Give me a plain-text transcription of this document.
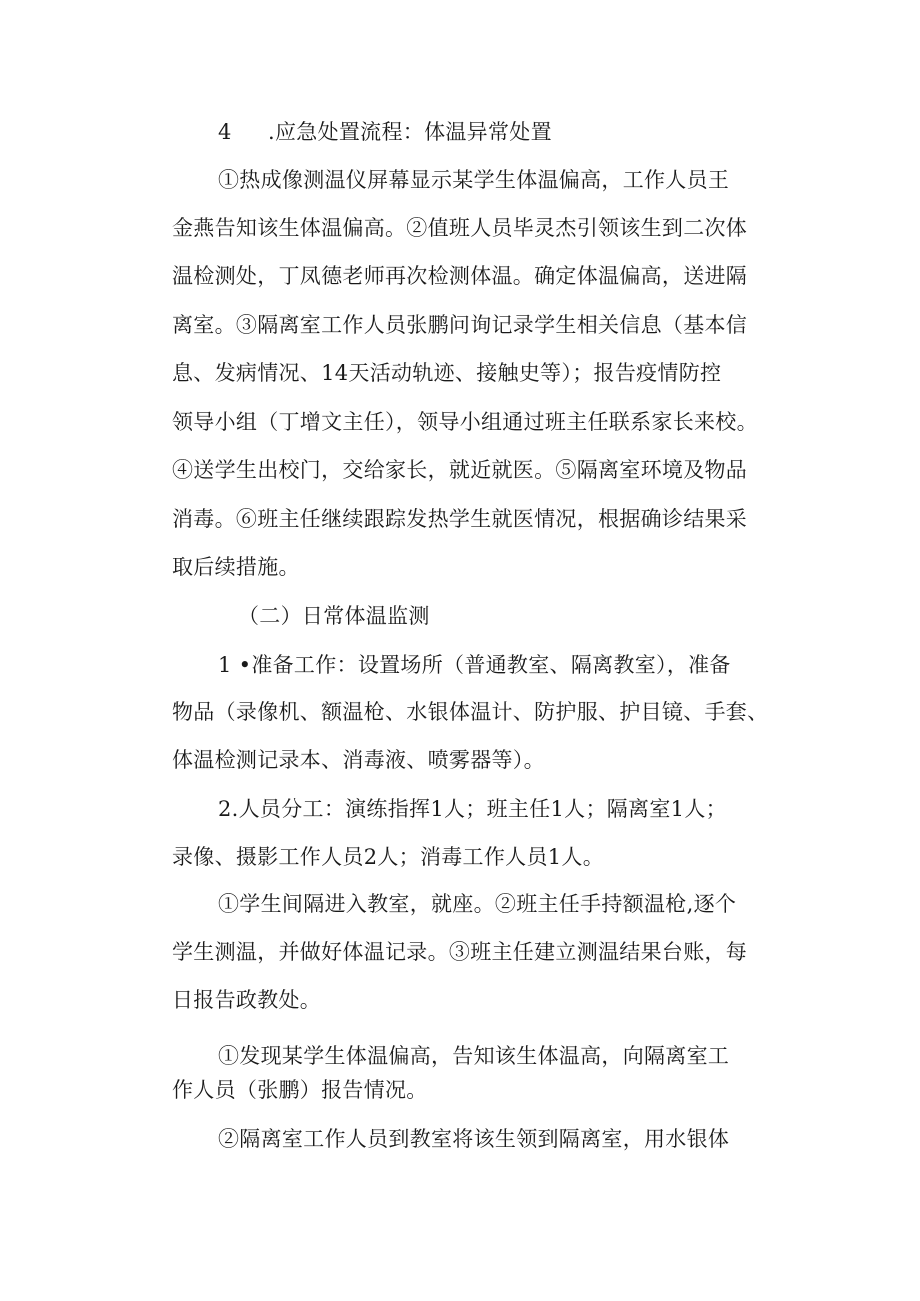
4 .应急处置流程：体温异常处置
①热成像测温仪屏幕显示某学生体温偏高，工作人员王
金燕告知该生体温偏高。②值班人员毕灵杰引领该生到二次体
温检测处，丁凤德老师再次检测体温。确定体温偏高，送进隔
离室。③隔离室工作人员张鹏问询记录学生相关信息（基本信
息、发病情况、14天活动轨迹、接触史等）；报告疫情防控
领导小组（丁增文主任），领导小组通过班主任联系家长来校。
④送学生出校门，交给家长，就近就医。⑤隔离室环境及物品
消毒。⑥班主任继续跟踪发热学生就医情况，根据确诊结果采
取后续措施。
（二）日常体温监测
1 •准备工作：设置场所（普通教室、隔离教室），准备
物品（录像机、额温枪、水银体温计、防护服、护目镜、手套、
体温检测记录本、消毒液、喷雾器等）。
2.人员分工：演练指挥1人；班主任1人；隔离室1人；
录像、摄影工作人员2人；消毒工作人员1人。
①学生间隔进入教室，就座。②班主任手持额温枪,逐个
学生测温，并做好体温记录。③班主任建立测温结果台账，每
日报告政教处。
①发现某学生体温偏高，告知该生体温高，向隔离室工
作人员（张鹏）报告情况。
②隔离室工作人员到教室将该生领到隔离室，用水银体
